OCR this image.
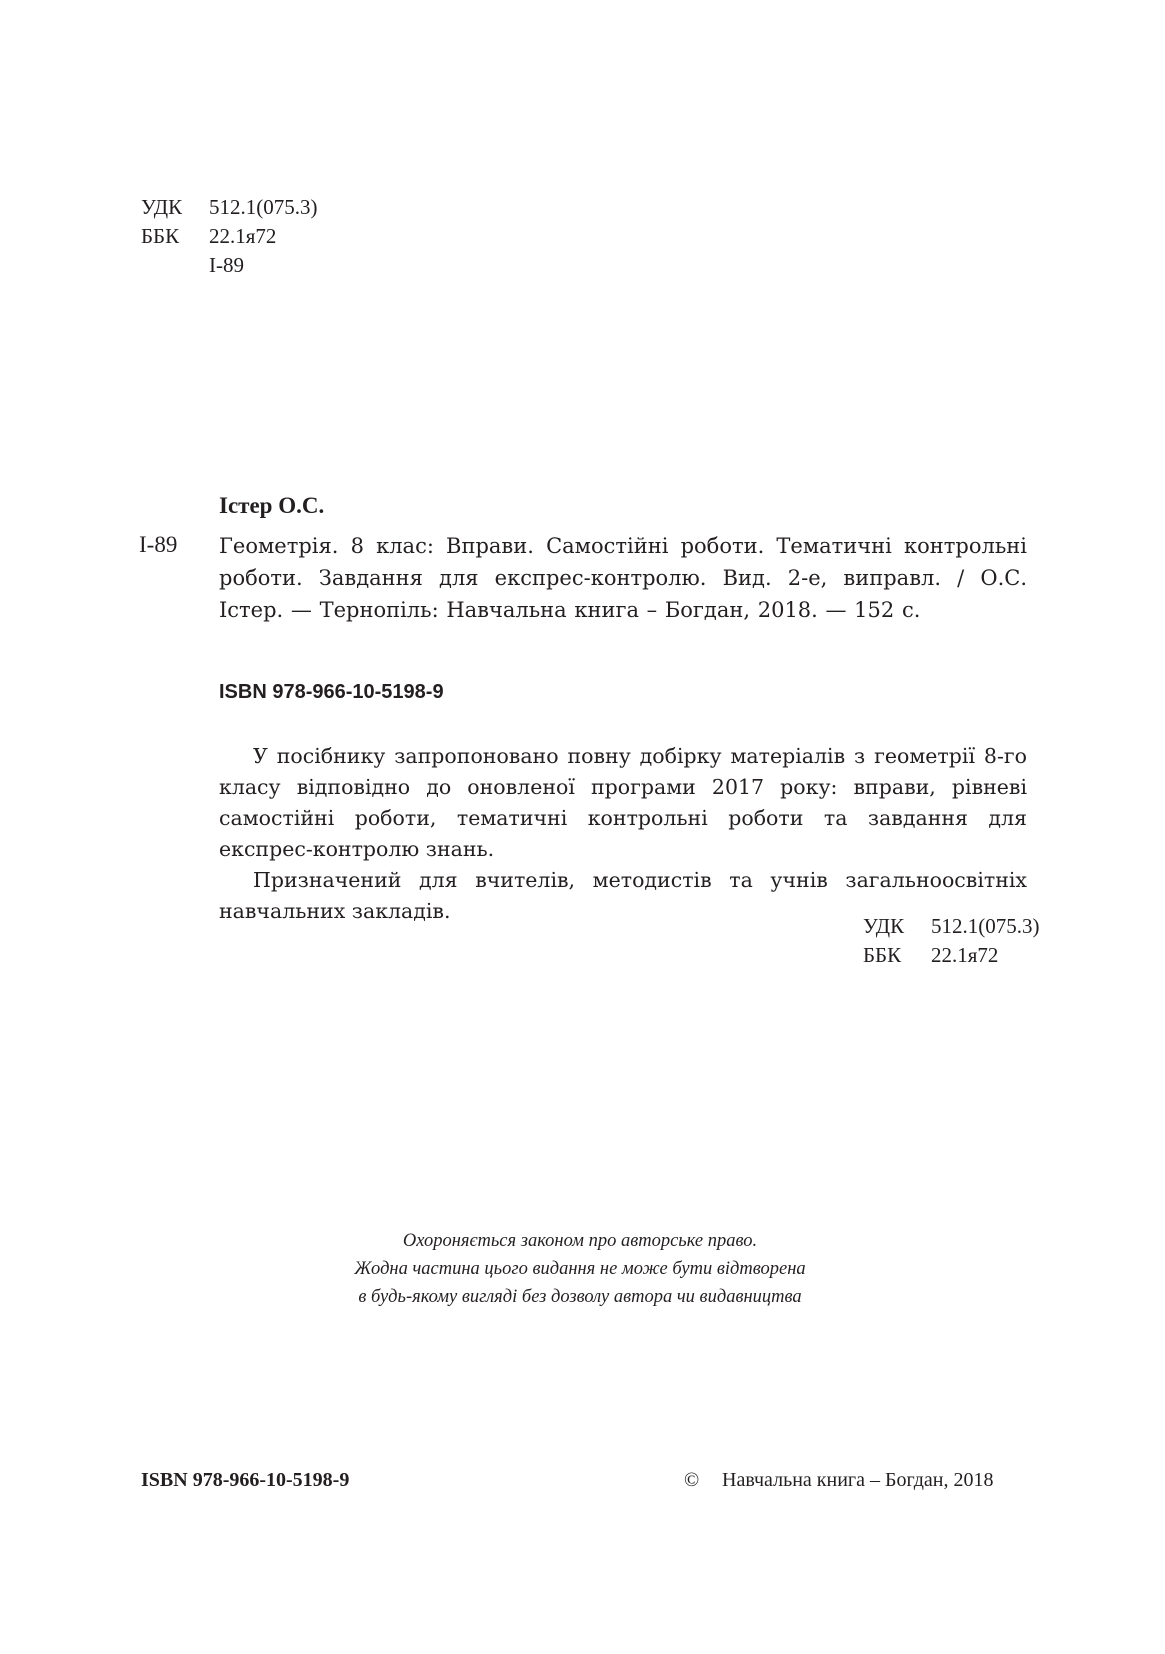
УДК 512.1(075.3)
ББК 22.1я72
І-89
Істер О.С.
І-89 Геометрія. 8 клас: Вправи. Самостійні роботи. Тематичні контрольні роботи. Завдання для експрес-контролю. Вид. 2-е, виправл. / О.С. Істер. — Тернопіль: Навчальна книга – Богдан, 2018. — 152 с.
ISBN 978-966-10-5198-9

У посібнику запропоновано повну добірку матеріалів з геометрії 8-го класу відповідно до оновленої програми 2017 року: вправи, рівневі самостійні роботи, тематичні контрольні роботи та завдання для експрес-контролю знань.

Призначений для вчителів, методистів та учнів загальноосвітніх навчальних закладів.

УДК 512.1(075.3)
ББК 22.1я72
Охороняється законом про авторське право.
Жодна частина цього видання не може бути відтворена
в будь-якому вигляді без дозволу автора чи видавництва
ISBN 978-966-10-5198-9	© Навчальна книга – Богдан, 2018
